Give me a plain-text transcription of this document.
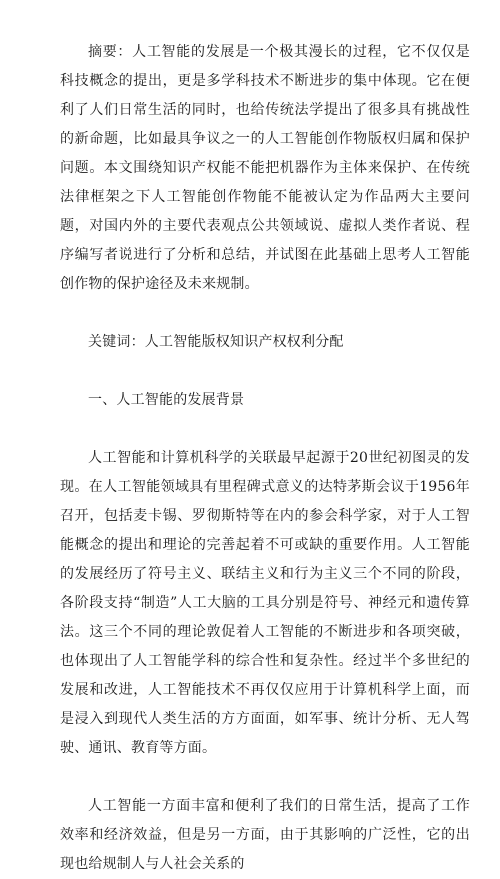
摘要：人工智能的发展是一个极其漫长的过程，它不仅仅是科技概念的提出，更是多学科技术不断进步的集中体现。它在便利了人们日常生活的同时，也给传统法学提出了很多具有挑战性的新命题，比如最具争议之一的人工智能创作物版权归属和保护问题。本文围绕知识产权能不能把机器作为主体来保护、在传统法律框架之下人工智能创作物能不能被认定为作品两大主要问题，对国内外的主要代表观点公共领域说、虚拟人类作者说、程序编写者说进行了分析和总结，并试图在此基础上思考人工智能创作物的保护途径及未来规制。

关键词：人工智能版权知识产权权利分配

一、人工智能的发展背景

人工智能和计算机科学的关联最早起源于20世纪初图灵的发现。在人工智能领域具有里程碑式意义的达特茅斯会议于1956年召开，包括麦卡锡、罗彻斯特等在内的参会科学家，对于人工智能概念的提出和理论的完善起着不可或缺的重要作用。人工智能的发展经历了符号主义、联结主义和行为主义三个不同的阶段，各阶段支持“制造”人工大脑的工具分别是符号、神经元和遗传算法。这三个不同的理论敦促着人工智能的不断进步和各项突破，也体现出了人工智能学科的综合性和复杂性。经过半个多世纪的发展和改进，人工智能技术不再仅仅应用于计算机科学上面，而是浸入到现代人类生活的方方面面，如军事、统计分析、无人驾驶、通讯、教育等方面。

人工智能一方面丰富和便利了我们的日常生活，提高了工作效率和经济效益，但是另一方面，由于其影响的广泛性，它的出现也给规制人与人社会关系的
